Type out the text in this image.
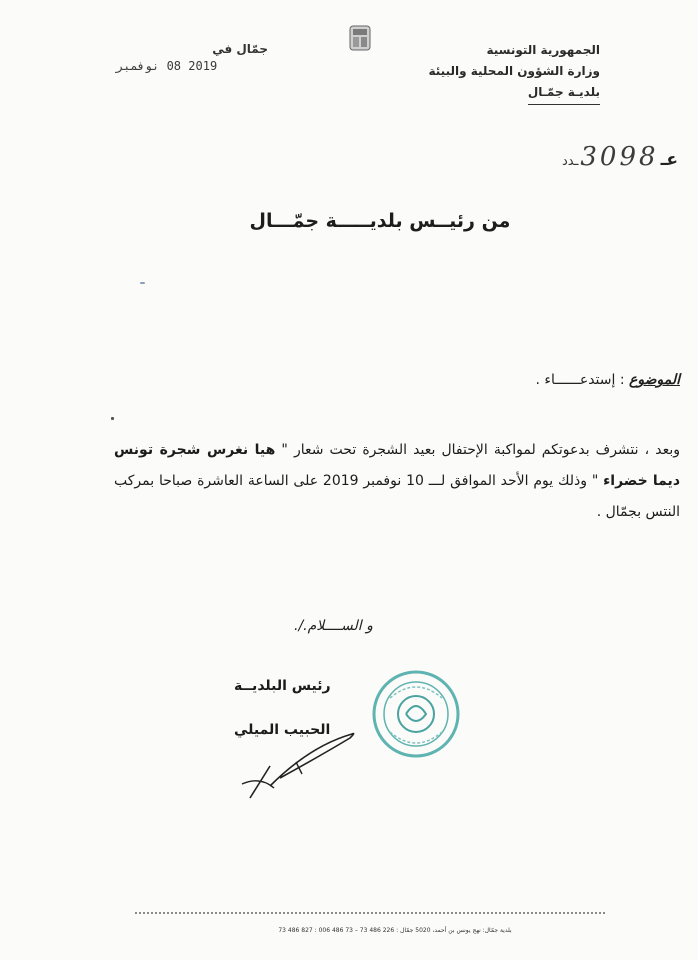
الجمهورية التونسية
وزارة الشؤون المحلية والبيئة
بلديـة جمّـال
جمّال في
2019 08 نوفمبر
عـ
3098
ـدد
من رئيــس بلديـــــة جمّـــال
الموضوع : إستدعــــــاء .
وبعد ، نتشرف بدعوتكم لمواكبة الإحتفال بعيد الشجرة تحت شعار " هيا نغرس شجرة تونس ديما خضراء " وذلك يوم الأحد الموافق لـــ 10 نوفمبر 2019 على الساعة العاشرة صباحا بمركب النتس بجمّال .
و الســــلام./.
رئيس البلديــة
الحبيب الميلي
بلدية جمّال: نهج يونس بن أحمد، 5020 جمّال : 226 486 73 – 73 486 006 : 827 486 73
